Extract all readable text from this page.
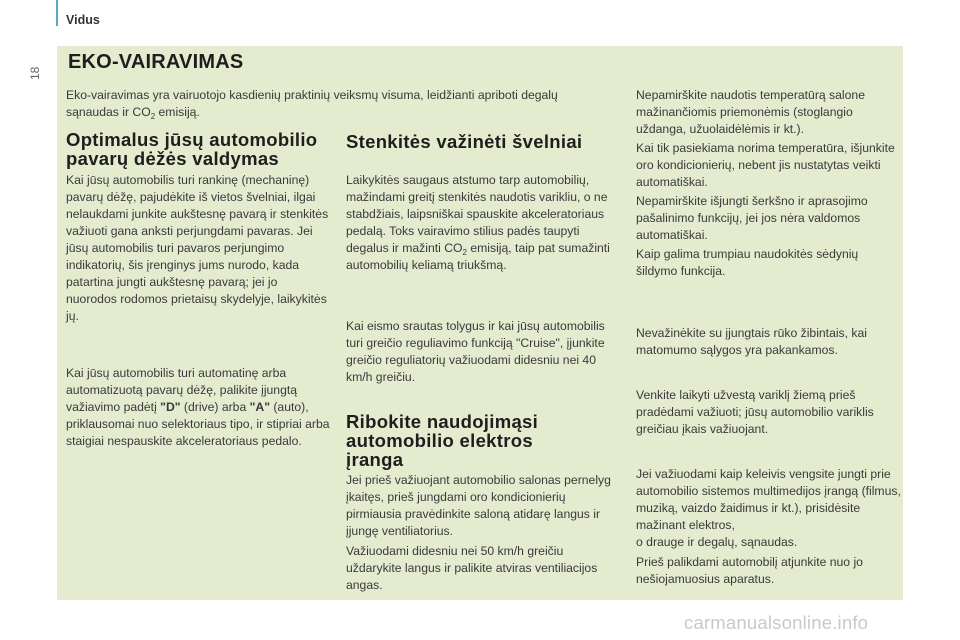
Vidus
18
EKO-VAIRAVIMAS

Eko-vairavimas yra vairuotojo kasdienių praktinių veiksmų visuma, leidžianti apriboti degalų sąnaudas ir $CO_2$ emisiją.

Optimalus jūsų automobilio
pavarų dėžės valdymas

Kai jūsų automobilis turi rankinę (mechaninę) pavarų dėžę, pajudėkite iš vietos švelniai, ilgai nelaukdami junkite aukštesnę pavarą ir stenkitės važiuoti gana anksti perjungdami pavaras. Jei jūsų automobilis turi pavaros perjungimo indikatorių, šis įrenginys jums nurodo, kada patartina jungti aukštesnę pavarą; jei jo nuorodos rodomos prietaisų skydelyje, laikykitės jų.

Kai jūsų automobilis turi automatinę arba automatizuotą pavarų dėžę, palikite įjungtą važiavimo padėtį "D" (drive) arba "A" (auto), priklausomai nuo selektoriaus tipo, ir stipriai arba staigiai nespauskite akceleratoriaus pedalo.

Stenkitės važinėti švelniai

Laikykitės saugaus atstumo tarp automobilių, mažindami greitį stenkitės naudotis varikliu, o ne stabdžiais, laipsniškai spauskite akceleratoriaus pedalą. Toks vairavimo stilius padės taupyti degalus ir mažinti $CO_2$ emisiją, taip pat sumažinti automobilių keliamą triukšmą.

Kai eismo srautas tolygus ir kai jūsų automobilis turi greičio reguliavimo funkciją "Cruise", įjunkite greičio reguliatorių važiuodami didesniu nei 40 km/h greičiu.

Ribokite naudojimąsi
automobilio elektros
įranga

Jei prieš važiuojant automobilio salonas pernelyg įkaitęs, prieš jungdami oro kondicionierių pirmiausia pravėdinkite saloną atidarę langus ir įjungę ventiliatorius.

Važiuodami didesniu nei 50 km/h greičiu uždarykite langus ir palikite atviras ventiliacijos angas.

Nepamirškite naudotis temperatūrą salone mažinančiomis priemonėmis (stoglangio uždanga, užuolaidėlėmis ir kt.).

Kai tik pasiekiama norima temperatūra, išjunkite oro kondicionierių, nebent jis nustatytas veikti automatiškai.

Nepamirškite išjungti šerkšno ir aprasojimo pašalinimo funkcijų, jei jos nėra valdomos automatiškai.

Kaip galima trumpiau naudokitės sėdynių šildymo funkcija.

Nevažinėkite su įjungtais rūko žibintais, kai matomumo sąlygos yra pakankamos.

Venkite laikyti užvestą variklį žiemą prieš pradėdami važiuoti; jūsų automobilio variklis greičiau įkais važiuojant.

Jei važiuodami kaip keleivis vengsite jungti prie automobilio sistemos multimedijos įrangą (filmus, muziką, vaizdo žaidimus ir kt.), prisidėsite mažinant elektros,
o drauge ir degalų, sąnaudas.

Prieš palikdami automobilį atjunkite nuo jo nešiojamuosius aparatus.

carmanualsonline.info
